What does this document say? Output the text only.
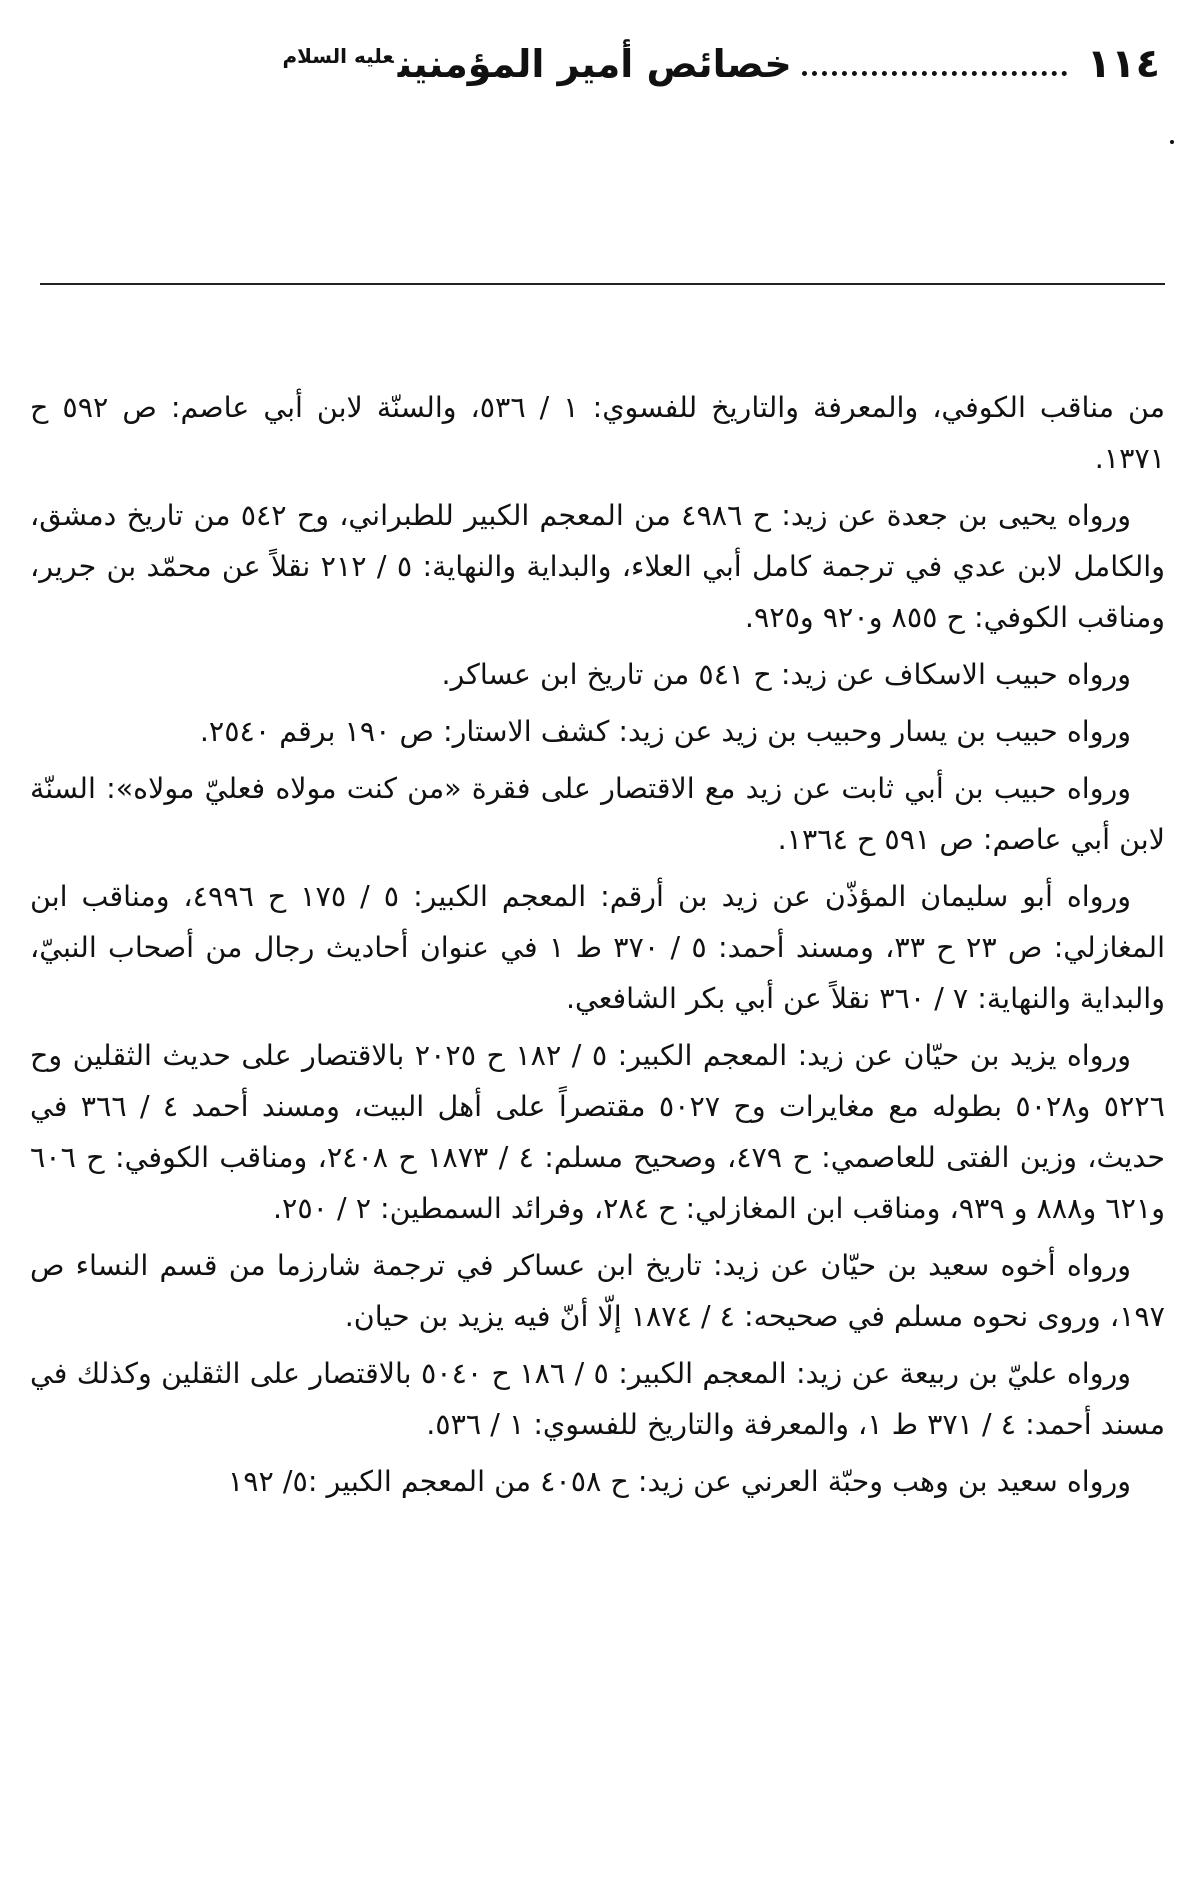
١١٤
خصائص أمير المؤمنين$^{عليه السلام}$

من مناقب الكوفي، والمعرفة والتاريخ للفسوي: ١ / ٥٣٦، والسنّة لابن أبي عاصم: ص ٥٩٢ ح ١٣٧١.

ورواه يحيى بن جعدة عن زيد: ح ٤٩٨٦ من المعجم الكبير للطبراني، وح ٥٤٢ من تاريخ دمشق، والكامل لابن عدي في ترجمة كامل أبي العلاء، والبداية والنهاية: ٥ / ٢١٢ نقلاً عن محمّد بن جرير، ومناقب الكوفي: ح ٨٥٥ و٩٢٠ و٩٢٥.

ورواه حبيب الاسكاف عن زيد: ح ٥٤١ من تاريخ ابن عساكر.

ورواه حبيب بن يسار وحبيب بن زيد عن زيد: كشف الاستار: ص ١٩٠ برقم ٢٥٤٠.

ورواه حبيب بن أبي ثابت عن زيد مع الاقتصار على فقرة «من كنت مولاه فعليّ مولاه»: السنّة لابن أبي عاصم: ص ٥٩١ ح ١٣٦٤.

ورواه أبو سليمان المؤذّن عن زيد بن أرقم: المعجم الكبير: ٥ / ١٧٥ ح ٤٩٩٦، ومناقب ابن المغازلي: ص ٢٣ ح ٣٣، ومسند أحمد: ٥ / ٣٧٠ ط ١ في عنوان أحاديث رجال من أصحاب النبيّ، والبداية والنهاية: ٧ / ٣٦٠ نقلاً عن أبي بكر الشافعي.

ورواه يزيد بن حيّان عن زيد: المعجم الكبير: ٥ / ١٨٢ ح ٢٠٢٥ بالاقتصار على حديث الثقلين وح ٥٢٢٦ و٥٠٢٨ بطوله مع مغايرات وح ٥٠٢٧ مقتصراً على أهل البيت، ومسند أحمد ٤ / ٣٦٦ في حديث، وزين الفتى للعاصمي: ح ٤٧٩، وصحيح مسلم: ٤ / ١٨٧٣ ح ٢٤٠٨، ومناقب الكوفي: ح ٦٠٦ و٦٢١ و٨٨٨ و ٩٣٩، ومناقب ابن المغازلي: ح ٢٨٤، وفرائد السمطين: ٢ / ٢٥٠.

ورواه أخوه سعيد بن حيّان عن زيد: تاريخ ابن عساكر في ترجمة شارزما من قسم النساء ص ١٩٧، وروى نحوه مسلم في صحيحه: ٤ / ١٨٧٤ إلّا أنّ فيه يزيد بن حيان.

ورواه عليّ بن ربيعة عن زيد: المعجم الكبير: ٥ / ١٨٦ ح ٥٠٤٠ بالاقتصار على الثقلين وكذلك في مسند أحمد: ٤ / ٣٧١ ط ١، والمعرفة والتاريخ للفسوي: ١ / ٥٣٦.

ورواه سعيد بن وهب وحبّة العرني عن زيد: ح ٤٠٥٨ من المعجم الكبير :٥/ ١٩٢
